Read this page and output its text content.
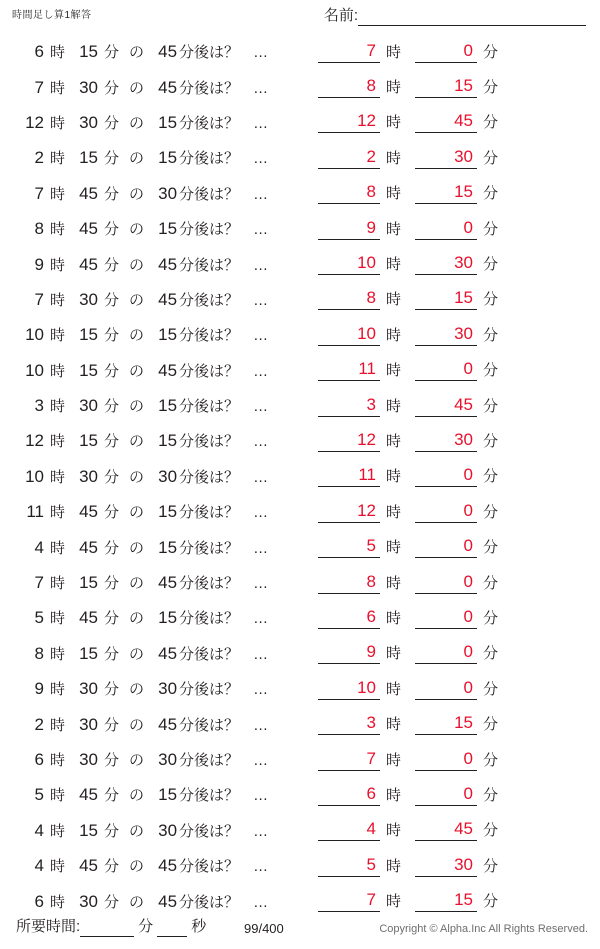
時間足し算1解答	名前:
6 時 15 分 の 45 分後は？ …	7 時	0 分
7 時 30 分 の 45 分後は？ …	8 時	15 分
12 時 30 分 の 15 分後は？ …	12 時	45 分
2 時 15 分 の 15 分後は？ …	2 時	30 分
7 時 45 分 の 30 分後は？ …	8 時	15 分
8 時 45 分 の 15 分後は？ …	9 時	0 分
9 時 45 分 の 45 分後は？ …	10 時	30 分
7 時 30 分 の 45 分後は？ …	8 時	15 分
10 時 15 分 の 15 分後は？ …	10 時	30 分
10 時 15 分 の 45 分後は？ …	11 時	0 分
3 時 30 分 の 15 分後は？ …	3 時	45 分
12 時 15 分 の 15 分後は？ …	12 時	30 分
10 時 30 分 の 30 分後は？ …	11 時	0 分
11 時 45 分 の 15 分後は？ …	12 時	0 分
4 時 45 分 の 15 分後は？ …	5 時	0 分
7 時 15 分 の 45 分後は？ …	8 時	0 分
5 時 45 分 の 15 分後は？ …	6 時	0 分
8 時 15 分 の 45 分後は？ …	9 時	0 分
9 時 30 分 の 30 分後は？ …	10 時	0 分
2 時 30 分 の 45 分後は？ …	3 時	15 分
6 時 30 分 の 30 分後は？ …	7 時	0 分
5 時 45 分 の 15 分後は？ …	6 時	0 分
4 時 15 分 の 30 分後は？ …	4 時	45 分
4 時 45 分 の 45 分後は？ …	5 時	30 分
6 時 30 分 の 45 分後は？ …	7 時	15 分
所要時間:	分	秒	99/400	Copyright © Alpha.Inc All Rights Reserved.
